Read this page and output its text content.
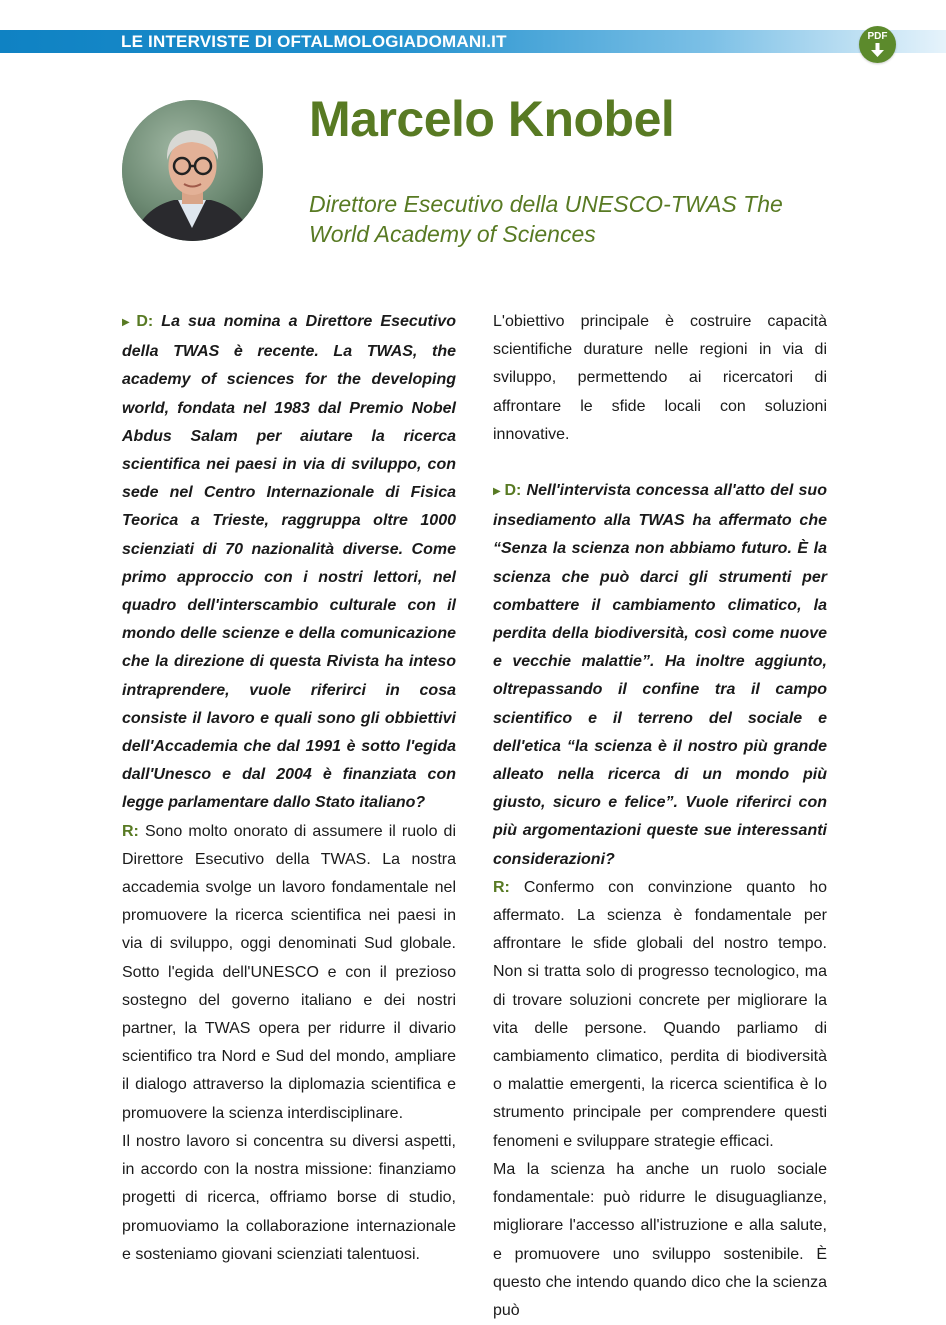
LE INTERVISTE DI OFTALMOLOGIADOMANI.IT	PDF
Marcelo Knobel
Direttore Esecutivo della UNESCO-TWAS The World Academy of Sciences

▶ D: La sua nomina a Direttore Esecutivo della TWAS è recente. La TWAS, the academy of sciences for the developing world, fondata nel 1983 dal Premio Nobel Abdus Salam per aiutare la ricerca scientifica nei paesi in via di sviluppo, con sede nel Centro Internazionale di Fisica Teorica a Trieste, raggruppa oltre 1000 scienziati di 70 nazionalità diverse. Come primo approccio con i nostri lettori, nel quadro dell'interscambio culturale con il mondo delle scienze e della comunicazione che la direzione di questa Rivista ha inteso intraprendere, vuole riferirci in cosa consiste il lavoro e quali sono gli obbiettivi dell'Accademia che dal 1991 è sotto l'egida dall'Unesco e dal 2004 è finanziata con legge parlamentare dallo Stato italiano?

R: Sono molto onorato di assumere il ruolo di Direttore Esecutivo della TWAS. La nostra accademia svolge un lavoro fondamentale nel promuovere la ricerca scientifica nei paesi in via di sviluppo, oggi denominati Sud globale. Sotto l'egida dell'UNESCO e con il prezioso sostegno del governo italiano e dei nostri partner, la TWAS opera per ridurre il divario scientifico tra Nord e Sud del mondo, ampliare il dialogo attraverso la diplomazia scientifica e promuovere la scienza interdisciplinare.

Il nostro lavoro si concentra su diversi aspetti, in accordo con la nostra missione: finanziamo progetti di ricerca, offriamo borse di studio, promuoviamo la collaborazione internazionale e sosteniamo giovani scienziati talentuosi.

L'obiettivo principale è costruire capacità scientifiche durature nelle regioni in via di sviluppo, permettendo ai ricercatori di affrontare le sfide locali con soluzioni innovative.

▶ D: Nell'intervista concessa all'atto del suo insediamento alla TWAS ha affermato che “Senza la scienza non abbiamo futuro. È la scienza che può darci gli strumenti per combattere il cambiamento climatico, la perdita della biodiversità, così come nuove e vecchie malattie”. Ha inoltre aggiunto, oltrepassando il confine tra il campo scientifico e il terreno del sociale e dell'etica “la scienza è il nostro più grande alleato nella ricerca di un mondo più giusto, sicuro e felice”. Vuole riferirci con più argomentazioni queste sue interessanti considerazioni?

R: Confermo con convinzione quanto ho affermato. La scienza è fondamentale per affrontare le sfide globali del nostro tempo. Non si tratta solo di progresso tecnologico, ma di trovare soluzioni concrete per migliorare la vita delle persone. Quando parliamo di cambiamento climatico, perdita di biodiversità o malattie emergenti, la ricerca scientifica è lo strumento principale per comprendere questi fenomeni e sviluppare strategie efficaci.

Ma la scienza ha anche un ruolo sociale fondamentale: può ridurre le disuguaglianze, migliorare l'accesso all'istruzione e alla salute, e promuovere uno sviluppo sostenibile. È questo che intendo quando dico che la scienza può
